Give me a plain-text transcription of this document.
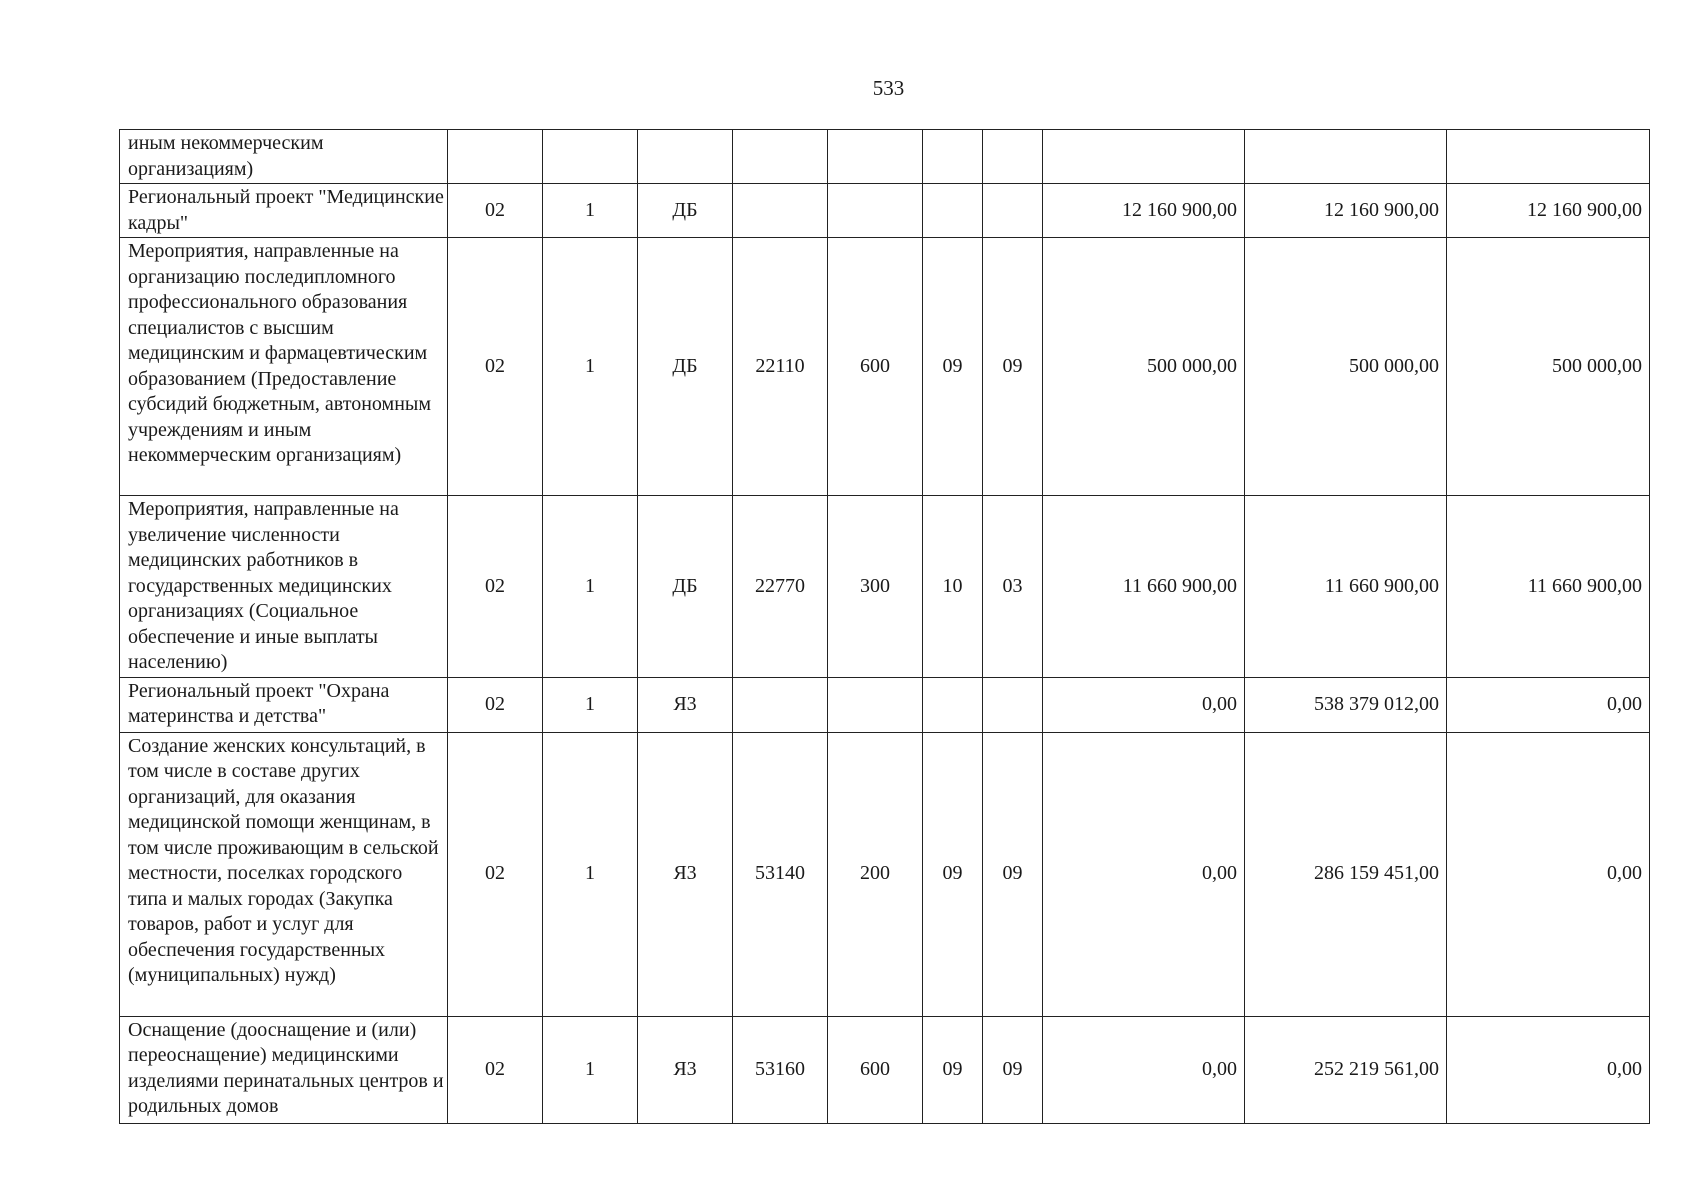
533
иным некоммерческим организациям)										
Региональный проект "Медицинские кадры"	02	1	ДБ					12 160 900,00	12 160 900,00	12 160 900,00
Мероприятия, направленные на организацию последипломного профессионального образования специалистов с высшим медицинским и фармацевтическим образованием (Предоставление субсидий бюджетным, автономным учреждениям и иным некоммерческим организациям)	02	1	ДБ	22110	600	09	09	500 000,00	500 000,00	500 000,00
Мероприятия, направленные на увеличение численности медицинских работников в государственных медицинских организациях (Социальное обеспечение и иные выплаты населению)	02	1	ДБ	22770	300	10	03	11 660 900,00	11 660 900,00	11 660 900,00
Региональный проект "Охрана материнства и детства"	02	1	Я3					0,00	538 379 012,00	0,00
Создание женских консультаций, в том числе в составе других организаций, для оказания медицинской помощи женщинам, в том числе проживающим в сельской местности, поселках городского типа и малых городах (Закупка товаров, работ и услуг для обеспечения государственных (муниципальных) нужд)	02	1	Я3	53140	200	09	09	0,00	286 159 451,00	0,00
Оснащение (дооснащение и (или) переоснащение) медицинскими изделиями перинатальных центров и родильных домов	02	1	Я3	53160	600	09	09	0,00	252 219 561,00	0,00
